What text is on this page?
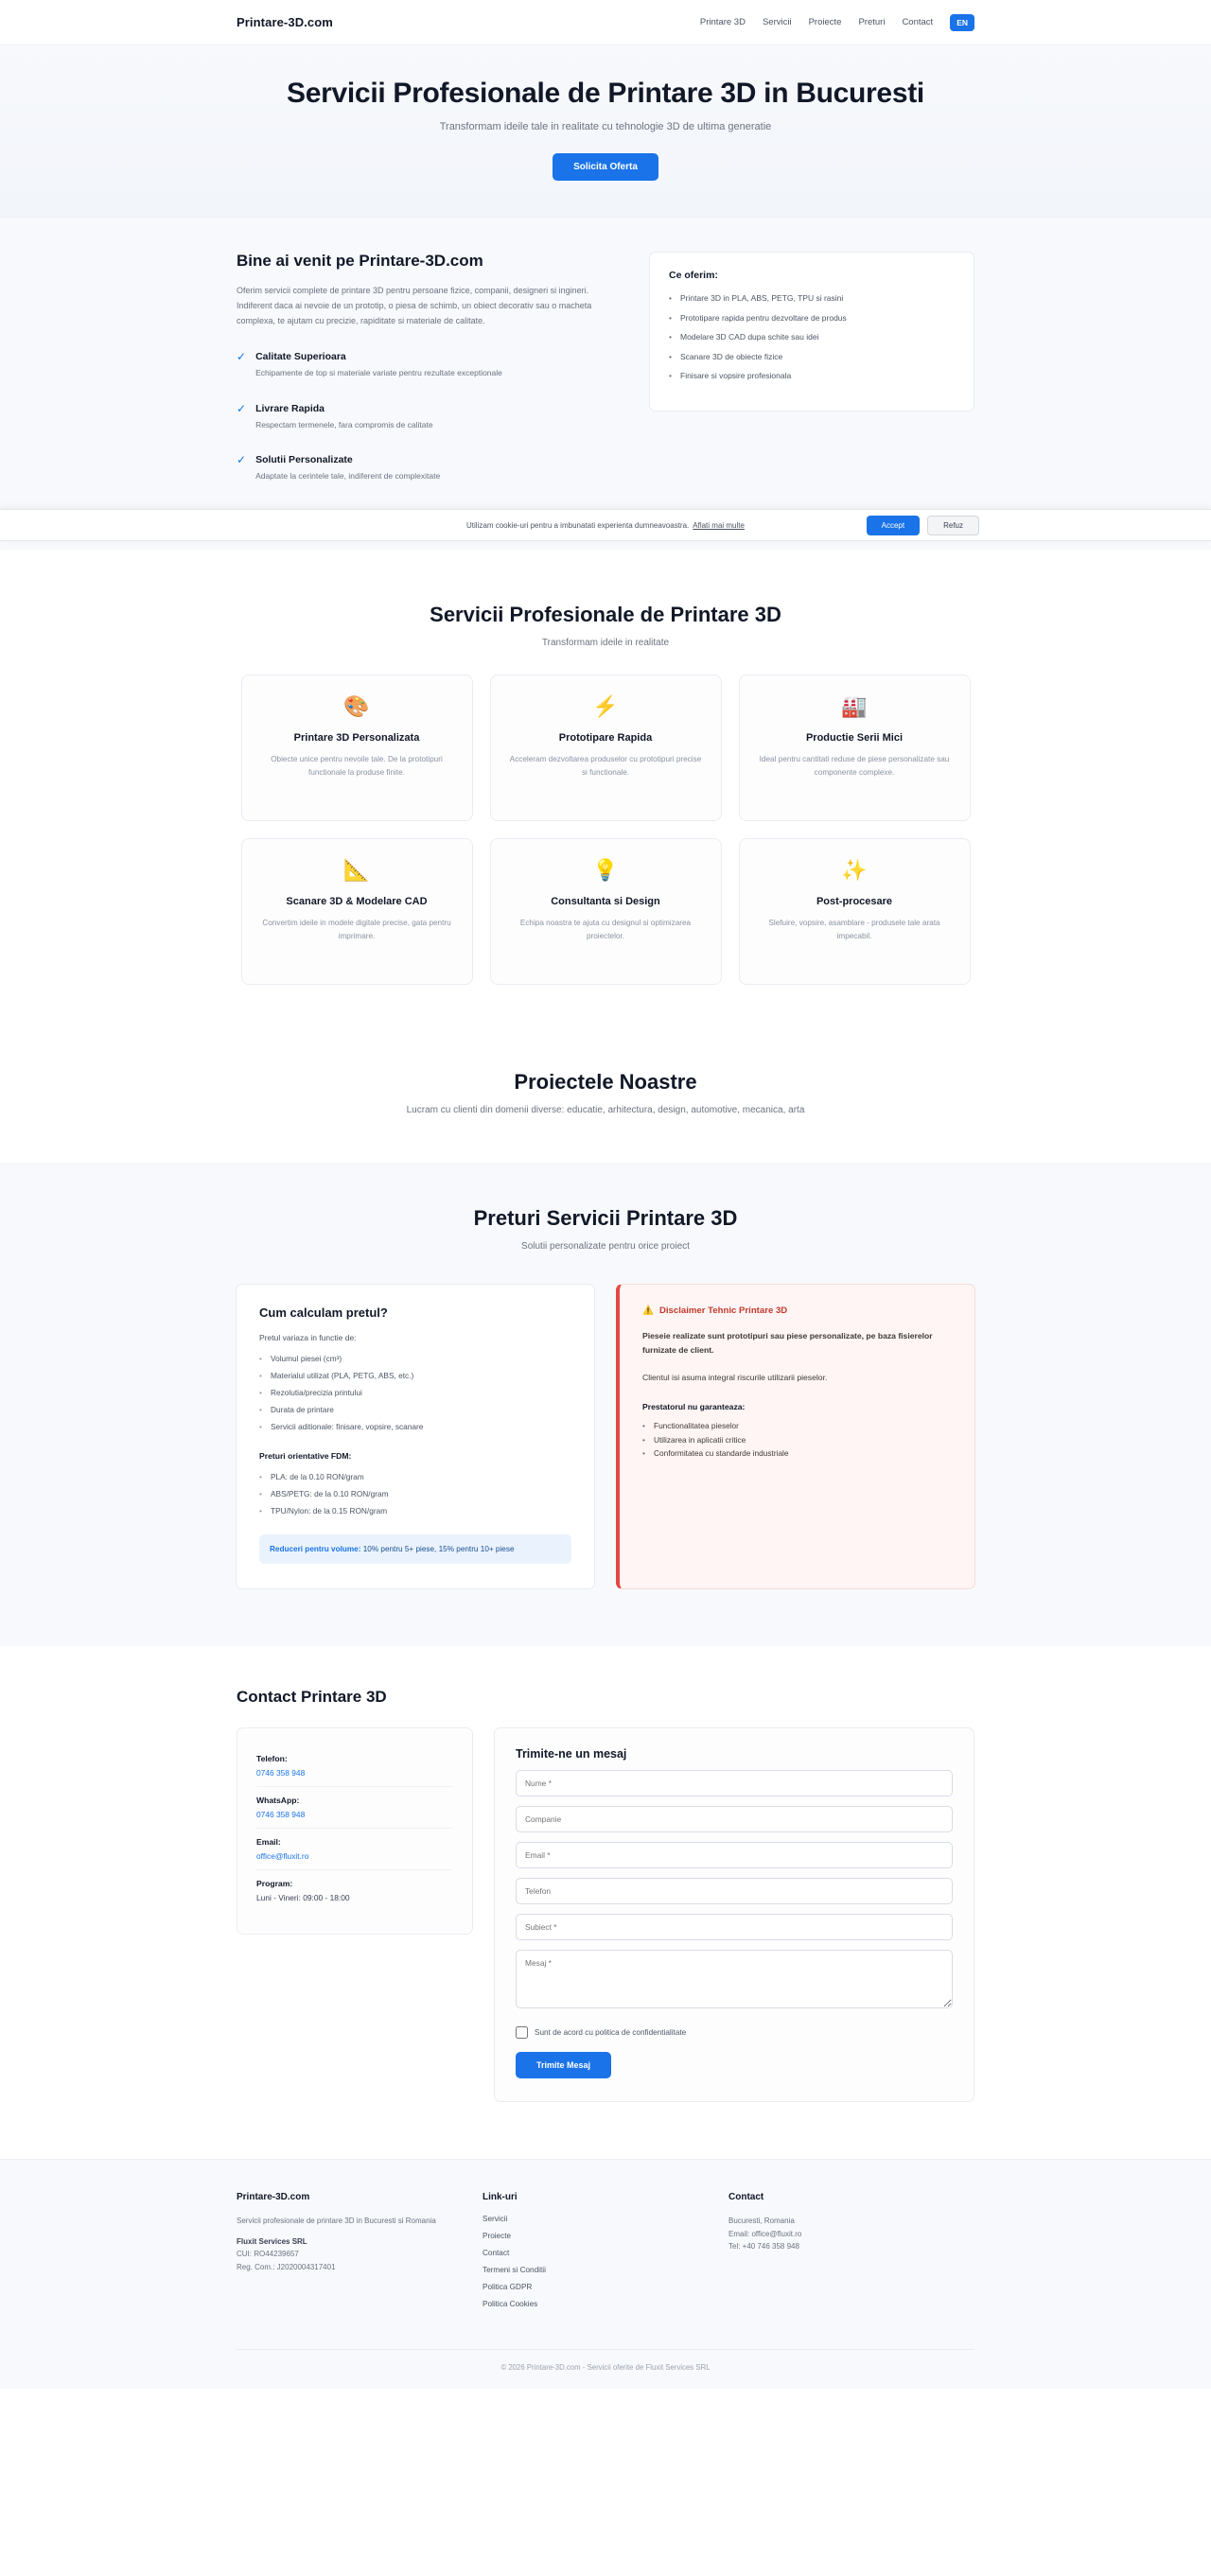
Printare-3D.com	Printare 3D Servicii Proiecte Preturi Contact	EN
Servicii Profesionale de Printare 3D in Bucuresti

Transformam ideile tale in realitate cu tehnologie 3D de ultima generatie

Solicita Oferta
Bine ai venit pe Printare-3D.com

Oferim servicii complete de printare 3D pentru persoane fizice, companii, designeri si ingineri. Indiferent daca ai nevoie de un prototip, o piesa de schimb, un obiect decorativ sau o macheta complexa, te ajutam cu precizie, rapiditate si materiale de calitate.

✓ Calitate Superioara

Echipamente de top si materiale variate pentru rezultate exceptionale

✓ Livrare Rapida

Respectam termenele, fara compromis de calitate

✓ Solutii Personalizate

Adaptate la cerintele tale, indiferent de complexitate

Ce oferim:
• Printare 3D in PLA, ABS, PETG, TPU si rasini
• Prototipare rapida pentru dezvoltare de produs
• Modelare 3D CAD dupa schite sau idei
• Scanare 3D de obiecte fizice
• Finisare si vopsire profesionala
Utilizam cookie-uri pentru a imbunatati experienta dumneavoastra. Aflati mai multe	Accept	Refuz
Servicii Profesionale de Printare 3D
Transformam ideile in realitate
🎨
Printare 3D Personalizata

Obiecte unice pentru nevoile tale. De la prototipuri functionale la produse finite.

⚡
Prototipare Rapida

Acceleram dezvoltarea produselor cu prototipuri precise si functionale.

🏭
Productie Serii Mici

Ideal pentru cantitati reduse de piese personalizate sau componente complexe.

📐
Scanare 3D & Modelare CAD

Convertim ideile in modele digitale precise, gata pentru imprimare.

💡
Consultanta si Design

Echipa noastra te ajuta cu designul si optimizarea proiectelor.

✨
Post-procesare

Slefuire, vopsire, asamblare - produsele tale arata impecabil.

Proiectele Noastre
Lucram cu clienti din domenii diverse: educatie, arhitectura, design, automotive, mecanica, arta
Preturi Servicii Printare 3D
Solutii personalizate pentru orice proiect
Cum calculam pretul?
Pretul variaza in functie de:
• Volumul piesei (cm³)
• Materialul utilizat (PLA, PETG, ABS, etc.)
• Rezolutia/precizia printului
• Durata de printare
• Servicii aditionale: finisare, vopsire, scanare
Preturi orientative FDM:
• PLA: de la 0.10 RON/gram
• ABS/PETG: de la 0.10 RON/gram
• TPU/Nylon: de la 0.15 RON/gram
Reduceri pentru volume: 10% pentru 5+ piese, 15% pentru 10+ piese
⚠️ Disclaimer Tehnic Printare 3D

Pieseie realizate sunt prototipuri sau piese personalizate, pe baza fisierelor furnizate de client.

Clientul isi asuma integral riscurile utilizarii pieselor.

Prestatorul nu garanteaza:
• Functionalitatea pieselor
• Utilizarea in aplicatii critice
• Conformitatea cu standarde industriale
Contact Printare 3D
Telefon:
0746 358 948
WhatsApp:
0746 358 948
Email:
office@fluxit.ro
Program:
Luni - Vineri: 09:00 - 18:00
Trimite-ne un mesaj
Nume * Companie Email * Telefon Subiect * Mesaj *
Sunt de acord cu politica de confidentialitate
Trimite Mesaj
Printare-3D.com

Servicii profesionale de printare 3D in Bucuresti si Romania

Fluxit Services SRL

CUI: RO44239657

Reg. Com.: J2020004317401

Link-uri
Servicii
Proiecte
Contact
Termeni si Conditii
Politica GDPR
Politica Cookies
Contact

Bucuresti, Romania

Email: office@fluxit.ro

Tel: +40 746 358 948

© 2026 Printare-3D.com - Servicii oferite de Fluxit Services SRL
